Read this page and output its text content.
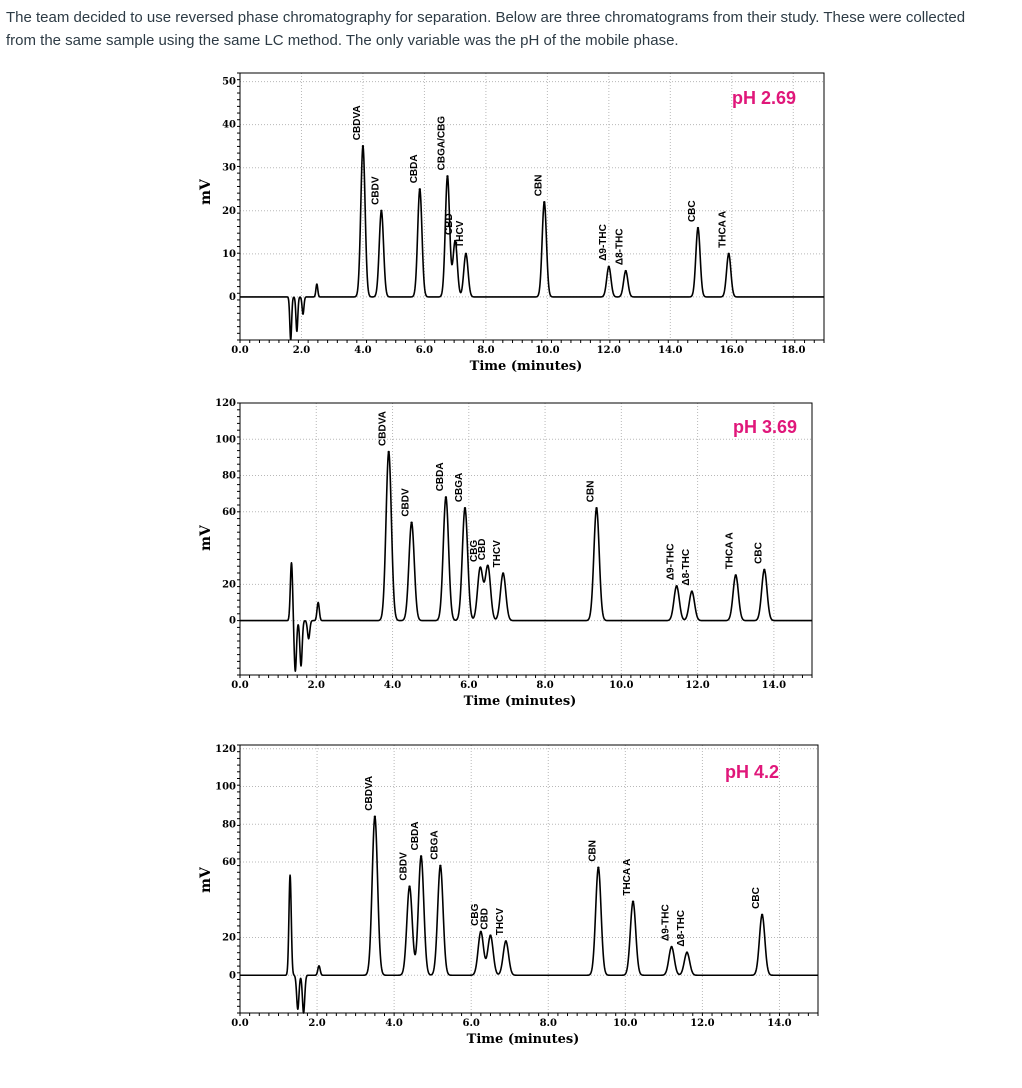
The team decided to use reversed phase chromatography for separation. Below are three chromatograms from their study. These were collected

from the same sample using the same LC method. The only variable was the pH of the mobile phase.

0.0	2.0	4.0	6.0	8.0	10.0	12.0	14.0	16.0	18.0
0
10
20
30
40
50
Time (minutes)
mV
pH 2.69
CBDVA
CBDV
CBDA CBGA/CBG
CBD THCV
CBN
Δ9-THC Δ8-THC
CBC THCA A
0.0	2.0	4.0	6.0	8.0	10.0	12.0	14.0
0
20
60
80
100
120
Time (minutes)
mV
pH 3.69
CBDVA
CBDV
CBDA CBGA
CBG
CBD THCV
CBN
Δ9-THC Δ8-THC	THCA A CBC
0.0	2.0	4.0	6.0	8.0	10.0	12.0	14.0
0
20
60
80
100
120
Time (minutes)
mV
pH 4.2
CBDVA
CBDV
CBDA CBGA
CBG
CBD THCV
CBN
THCA A
Δ9-THC Δ8-THC
CBC
